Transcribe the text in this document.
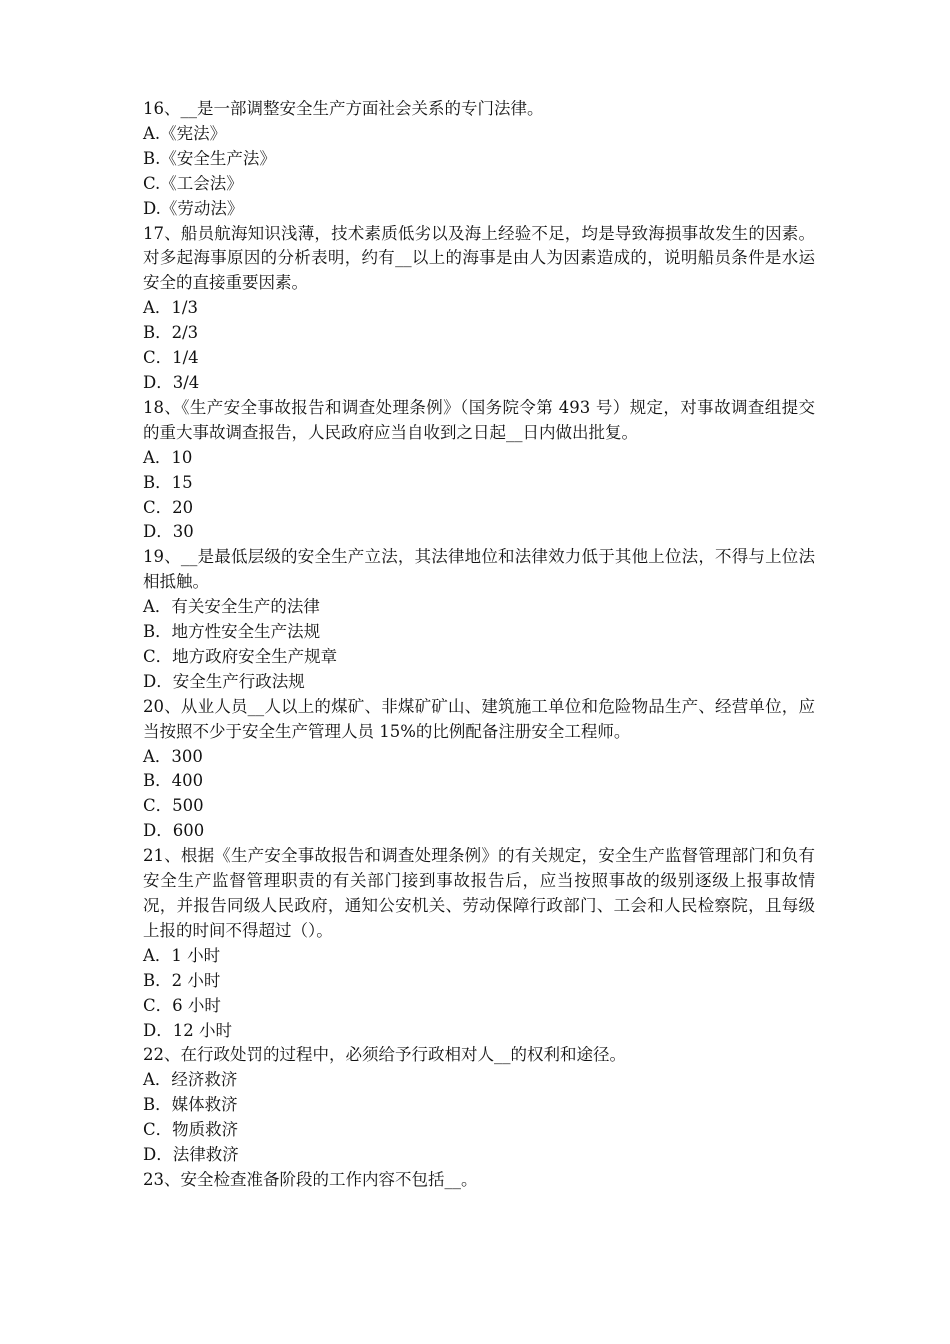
16、__是一部调整安全生产方面社会关系的专门法律。
A.《宪法》
B.《安全生产法》
C.《工会法》
D.《劳动法》
17、船员航海知识浅薄，技术素质低劣以及海上经验不足，均是导致海损事故发生的因素。对多起海事原因的分析表明，约有__以上的海事是由人为因素造成的，说明船员条件是水运安全的直接重要因素。
A．1/3
B．2/3
C．1/4
D．3/4
18、《生产安全事故报告和调查处理条例》（国务院令第 493 号）规定，对事故调查组提交的重大事故调查报告，人民政府应当自收到之日起__日内做出批复。
A．10
B．15
C．20
D．30
19、__是最低层级的安全生产立法，其法律地位和法律效力低于其他上位法，不得与上位法相抵触。
A．有关安全生产的法律
B．地方性安全生产法规
C．地方政府安全生产规章
D．安全生产行政法规
20、从业人员__人以上的煤矿、非煤矿矿山、建筑施工单位和危险物品生产、经营单位，应当按照不少于安全生产管理人员 15%的比例配备注册安全工程师。
A．300
B．400
C．500
D．600
21、根据《生产安全事故报告和调查处理条例》的有关规定，安全生产监督管理部门和负有安全生产监督管理职责的有关部门接到事故报告后，应当按照事故的级别逐级上报事故情况，并报告同级人民政府，通知公安机关、劳动保障行政部门、工会和人民检察院，且每级上报的时间不得超过（）。
A．1 小时
B．2 小时
C．6 小时
D．12 小时
22、在行政处罚的过程中，必须给予行政相对人__的权利和途径。
A．经济救济
B．媒体救济
C．物质救济
D．法律救济
23、安全检查准备阶段的工作内容不包括__。
